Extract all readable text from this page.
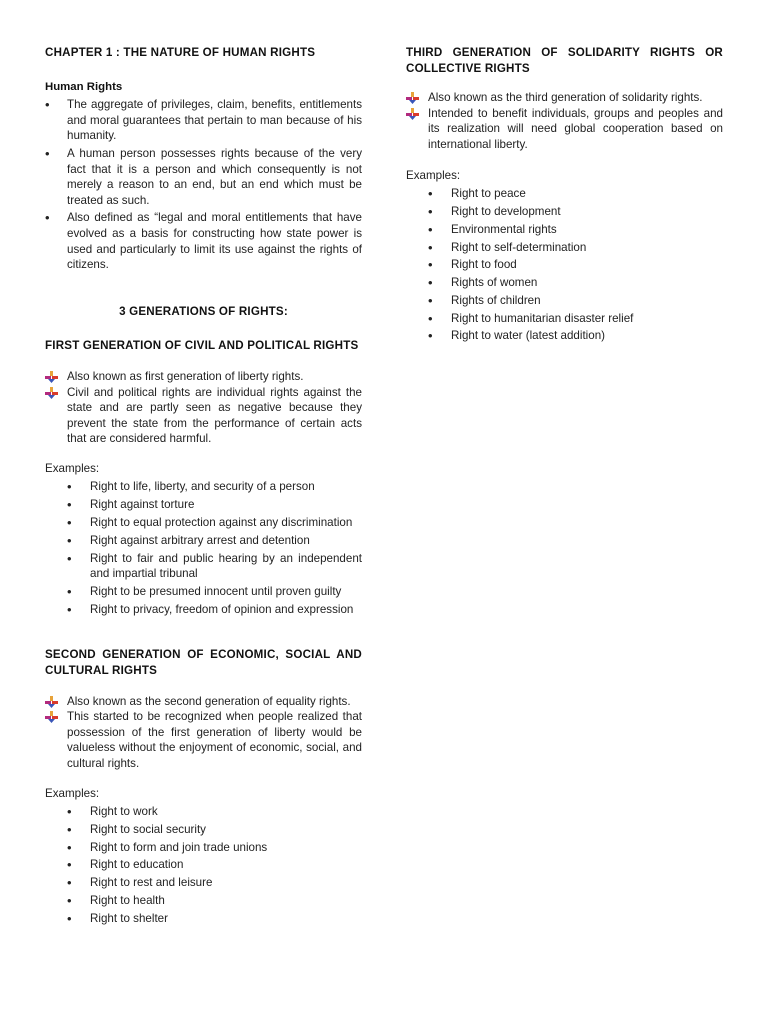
CHAPTER 1 : THE NATURE OF HUMAN RIGHTS
Human Rights
• The aggregate of privileges, claim, benefits, entitlements and moral guarantees that pertain to man because of his humanity.
• A human person possesses rights because of the very fact that it is a person and which consequently is not merely a reason to an end, but an end which must be treated as such.
• Also defined as “legal and moral entitlements that have evolved as a basis for constructing how state power is used and particularly to limit its use against the rights of citizens.
3 GENERATIONS OF RIGHTS:
FIRST GENERATION OF CIVIL AND POLITICAL RIGHTS
Also known as first generation of liberty rights.
Civil and political rights are individual rights against the state and are partly seen as negative because they prevent the state from the performance of certain acts that are considered harmful.
Examples:
• Right to life, liberty, and security of a person
• Right against torture
• Right to equal protection against any discrimination
• Right against arbitrary arrest and detention
• Right to fair and public hearing by an independent and impartial tribunal
• Right to be presumed innocent until proven guilty
• Right to privacy, freedom of opinion and expression
SECOND GENERATION OF ECONOMIC, SOCIAL AND CULTURAL RIGHTS
Also known as the second generation of equality rights.
This started to be recognized when people realized that possession of the first generation of liberty would be valueless without the enjoyment of economic, social, and cultural rights.
Examples:
• Right to work
• Right to social security
• Right to form and join trade unions
• Right to education
• Right to rest and leisure
• Right to health
• Right to shelter
THIRD GENERATION OF SOLIDARITY RIGHTS OR COLLECTIVE RIGHTS
Also known as the third generation of solidarity rights.
Intended to benefit individuals, groups and peoples and its realization will need global cooperation based on international liberty.
Examples:
• Right to peace
• Right to development
• Environmental rights
• Right to self-determination
• Right to food
• Rights of women
• Rights of children
• Right to humanitarian disaster relief
• Right to water (latest addition)
